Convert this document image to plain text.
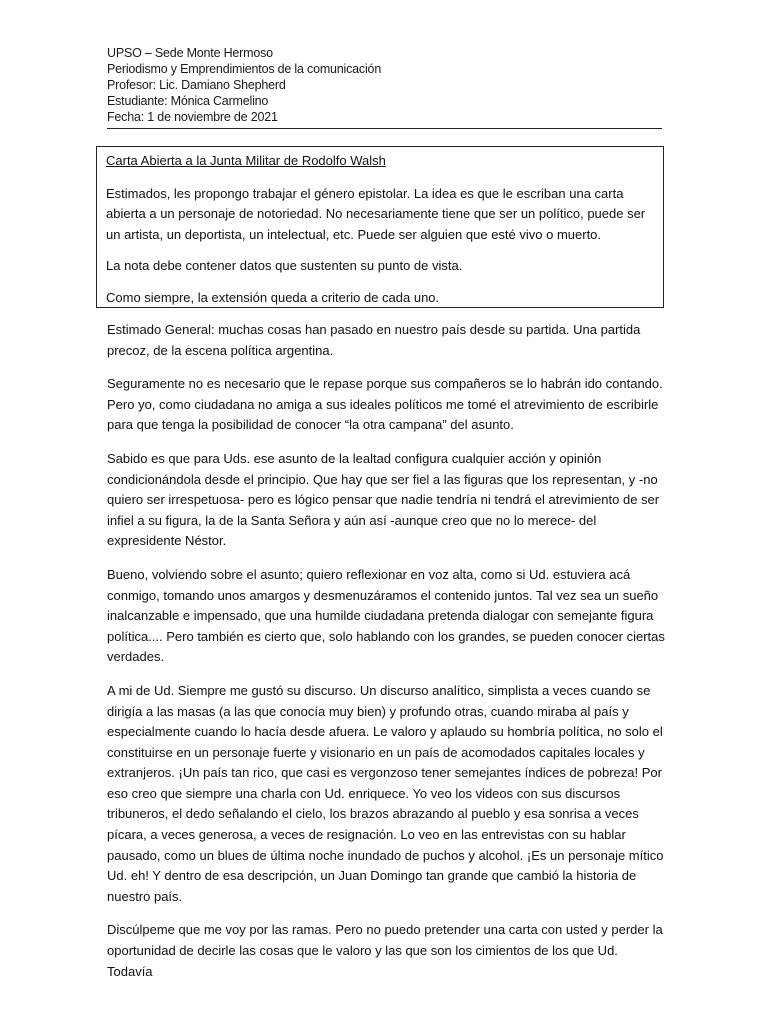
UPSO – Sede Monte Hermoso
Periodismo y Emprendimientos de la comunicación
Profesor: Lic. Damiano Shepherd
Estudiante: Mónica Carmelino
Fecha: 1 de noviembre de 2021
Carta Abierta a la Junta Militar de Rodolfo Walsh

Estimados, les propongo trabajar el género epistolar. La idea es que le escriban una carta abierta a un personaje de notoriedad. No necesariamente tiene que ser un político, puede ser un artista, un deportista, un intelectual, etc. Puede ser alguien que esté vivo o muerto.

La nota debe contener datos que sustenten su punto de vista.

Como siempre, la extensión queda a criterio de cada uno.

Estimado General: muchas cosas han pasado en nuestro país desde su partida. Una partida precoz, de la escena política argentina.

Seguramente no es necesario que le repase porque sus compañeros se lo habrán ido contando. Pero yo, como ciudadana no amiga a sus ideales políticos me tomé el atrevimiento de escribirle para que tenga la posibilidad de conocer “la otra campana” del asunto.

Sabido es que para Uds. ese asunto de la lealtad configura cualquier acción y opinión condicionándola desde el principio. Que hay que ser fiel a las figuras que los representan, y -no quiero ser irrespetuosa- pero es lógico pensar que nadie tendría ni tendrá el atrevimiento de ser infiel a su figura, la de la Santa Señora y aún así -aunque creo que no lo merece- del expresidente Néstor.

Bueno, volviendo sobre el asunto; quiero reflexionar en voz alta, como si Ud. estuviera acá conmigo, tomando unos amargos y desmenuzáramos el contenido juntos. Tal vez sea un sueño inalcanzable e impensado, que una humilde ciudadana pretenda dialogar con semejante figura política.... Pero también es cierto que, solo hablando con los grandes, se pueden conocer ciertas verdades.

A mi de Ud. Siempre me gustó su discurso. Un discurso analítico, simplista a veces cuando se dirigía a las masas (a las que conocía muy bien) y profundo otras, cuando miraba al país y especialmente cuando lo hacía desde afuera. Le valoro y aplaudo su hombría política, no solo el constituirse en un personaje fuerte y visionario en un país de acomodados capitales locales y extranjeros. ¡Un país tan rico, que casi es vergonzoso tener semejantes índices de pobreza! Por eso creo que siempre una charla con Ud. enriquece. Yo veo los videos con sus discursos tribuneros, el dedo señalando el cielo, los brazos abrazando al pueblo y esa sonrisa a veces pícara, a veces generosa, a veces de resignación. Lo veo en las entrevistas con su hablar pausado, como un blues de última noche inundado de puchos y alcohol. ¡Es un personaje mítico Ud. eh! Y dentro de esa descripción, un Juan Domingo tan grande que cambió la historia de nuestro país.

Discúlpeme que me voy por las ramas. Pero no puedo pretender una carta con usted y perder la oportunidad de decirle las cosas que le valoro y las que son los cimientos de los que Ud. Todavía
